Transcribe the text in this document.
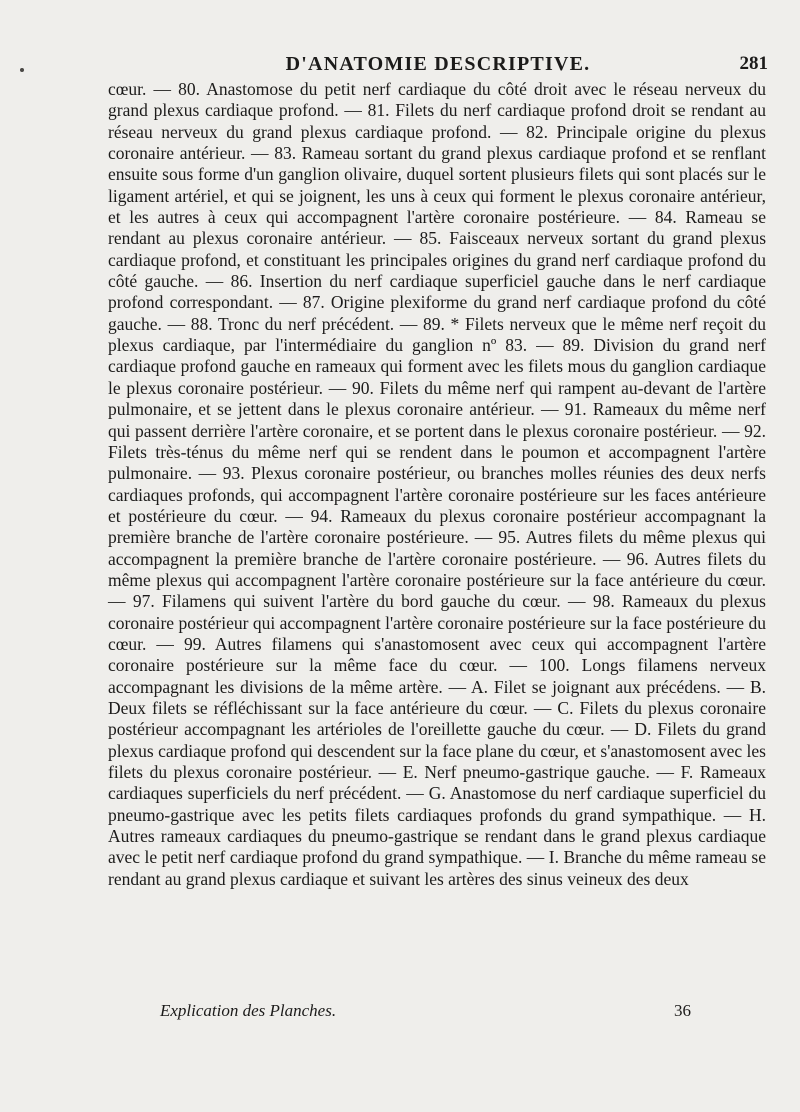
D'ANATOMIE DESCRIPTIVE.	281

cœur. — 80. Anastomose du petit nerf cardiaque du côté droit avec le réseau nerveux du grand plexus cardiaque profond. — 81. Filets du nerf cardiaque profond droit se rendant au réseau nerveux du grand plexus cardiaque profond. — 82. Principale origine du plexus coronaire antérieur. — 83. Rameau sortant du grand plexus cardiaque profond et se renflant ensuite sous forme d'un ganglion olivaire, duquel sortent plusieurs filets qui sont placés sur le ligament artériel, et qui se joignent, les uns à ceux qui forment le plexus coronaire antérieur, et les autres à ceux qui accompagnent l'artère coronaire postérieure. — 84. Rameau se rendant au plexus coronaire antérieur. — 85. Faisceaux nerveux sortant du grand plexus cardiaque profond, et constituant les principales origines du grand nerf cardiaque profond du côté gauche. — 86. Insertion du nerf cardiaque superficiel gauche dans le nerf cardiaque profond correspondant. — 87. Origine plexiforme du grand nerf cardiaque profond du côté gauche. — 88. Tronc du nerf précédent. — 89. * Filets nerveux que le même nerf reçoit du plexus cardiaque, par l'intermédiaire du ganglion nº 83. — 89. Division du grand nerf cardiaque profond gauche en rameaux qui forment avec les filets mous du ganglion cardiaque le plexus coronaire postérieur. — 90. Filets du même nerf qui rampent au-devant de l'artère pulmonaire, et se jettent dans le plexus coronaire antérieur. — 91. Rameaux du même nerf qui passent derrière l'artère coronaire, et se portent dans le plexus coronaire postérieur. — 92. Filets très-ténus du même nerf qui se rendent dans le poumon et accompagnent l'artère pulmonaire. — 93. Plexus coronaire postérieur, ou branches molles réunies des deux nerfs cardiaques profonds, qui accompagnent l'artère coronaire postérieure sur les faces antérieure et postérieure du cœur. — 94. Rameaux du plexus coronaire postérieur accompagnant la première branche de l'artère coronaire postérieure. — 95. Autres filets du même plexus qui accompagnent la première branche de l'artère coronaire postérieure. — 96. Autres filets du même plexus qui accompagnent l'artère coronaire postérieure sur la face antérieure du cœur. — 97. Filamens qui suivent l'artère du bord gauche du cœur. — 98. Rameaux du plexus coronaire postérieur qui accompagnent l'artère coronaire postérieure sur la face postérieure du cœur. — 99. Autres filamens qui s'anastomosent avec ceux qui accompagnent l'artère coronaire postérieure sur la même face du cœur. — 100. Longs filamens nerveux accompagnant les divisions de la même artère. — A. Filet se joignant aux précédens. — B. Deux filets se réfléchissant sur la face antérieure du cœur. — C. Filets du plexus coronaire postérieur accompagnant les artérioles de l'oreillette gauche du cœur. — D. Filets du grand plexus cardiaque profond qui descendent sur la face plane du cœur, et s'anastomosent avec les filets du plexus coronaire postérieur. — E. Nerf pneumo-gastrique gauche. — F. Rameaux cardiaques superficiels du nerf précédent. — G. Anastomose du nerf cardiaque superficiel du pneumo-gastrique avec les petits filets cardiaques profonds du grand sympathique. — H. Autres rameaux cardiaques du pneumo-gastrique se rendant dans le grand plexus cardiaque avec le petit nerf cardiaque profond du grand sympathique. — I. Branche du même rameau se rendant au grand plexus cardiaque et suivant les artères des sinus veineux des deux

Explication des Planches.	36
